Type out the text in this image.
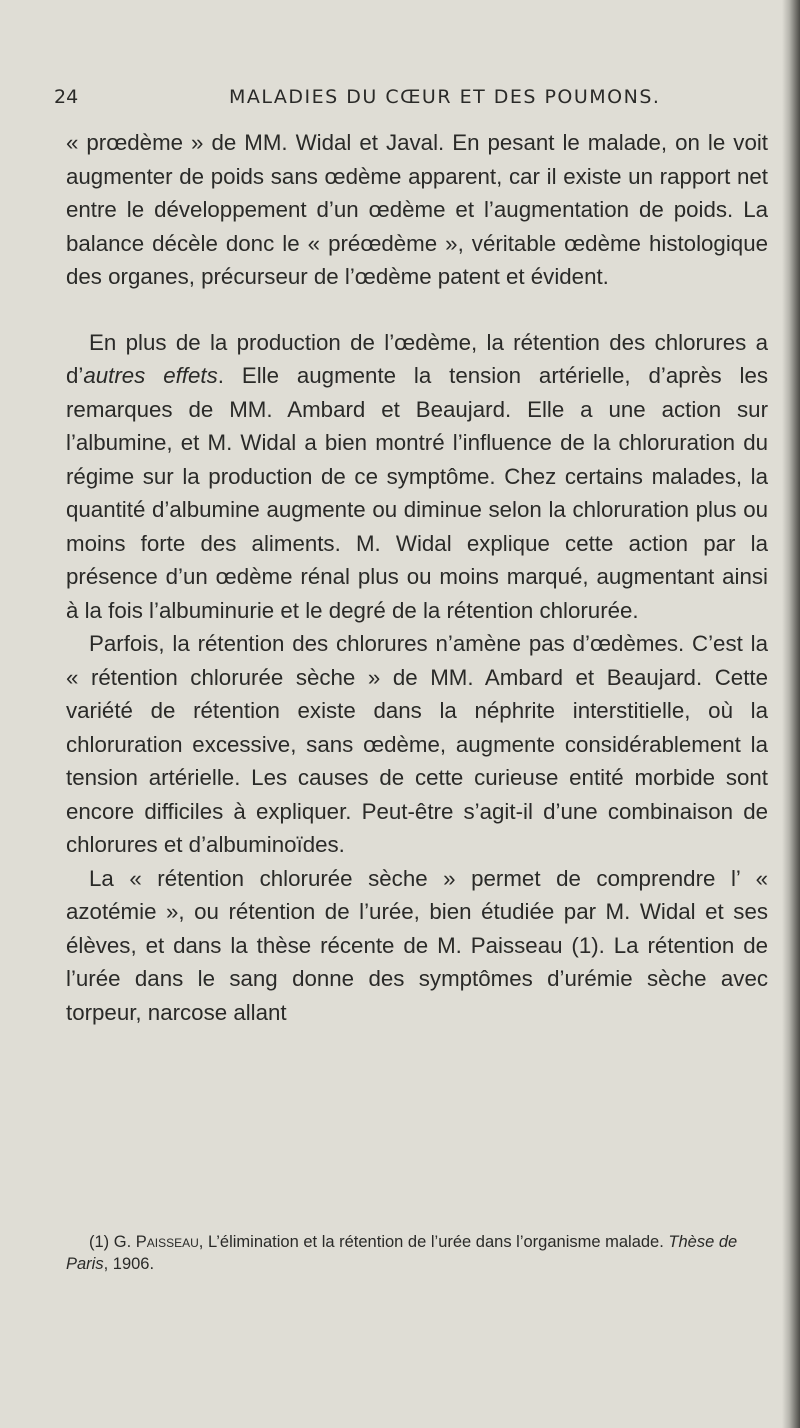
24	MALADIES DU CŒUR ET DES POUMONS.

« prœdème » de MM. Widal et Javal. En pesant le malade, on le voit augmenter de poids sans œdème apparent, car il existe un rapport net entre le développement d’un œdème et l’augmentation de poids. La balance décèle donc le « préœdème », véritable œdème histologique des organes, précurseur de l’œdème patent et évident.

En plus de la production de l’œdème, la rétention des chlorures a d’autres effets. Elle augmente la tension artérielle, d’après les remarques de MM. Ambard et Beaujard. Elle a une action sur l’albumine, et M. Widal a bien montré l’influence de la chloruration du régime sur la production de ce symptôme. Chez certains malades, la quantité d’albumine augmente ou diminue selon la chloruration plus ou moins forte des aliments. M. Widal explique cette action par la présence d’un œdème rénal plus ou moins marqué, augmentant ainsi à la fois l’albuminurie et le degré de la rétention chlorurée.

Parfois, la rétention des chlorures n’amène pas d’œdèmes. C’est la « rétention chlorurée sèche » de MM. Ambard et Beaujard. Cette variété de rétention existe dans la néphrite interstitielle, où la chloruration excessive, sans œdème, augmente considérablement la tension artérielle. Les causes de cette curieuse entité morbide sont encore difficiles à expliquer. Peut-être s’agit-il d’une combinaison de chlorures et d’albuminoïdes.

La « rétention chlorurée sèche » permet de comprendre l’ « azotémie », ou rétention de l’urée, bien étudiée par M. Widal et ses élèves, et dans la thèse récente de M. Paisseau (1). La rétention de l’urée dans le sang donne des symptômes d’urémie sèche avec torpeur, narcose allant

(1) G. Paisseau, L’élimination et la rétention de l’urée dans l’organisme malade. Thèse de Paris, 1906.
